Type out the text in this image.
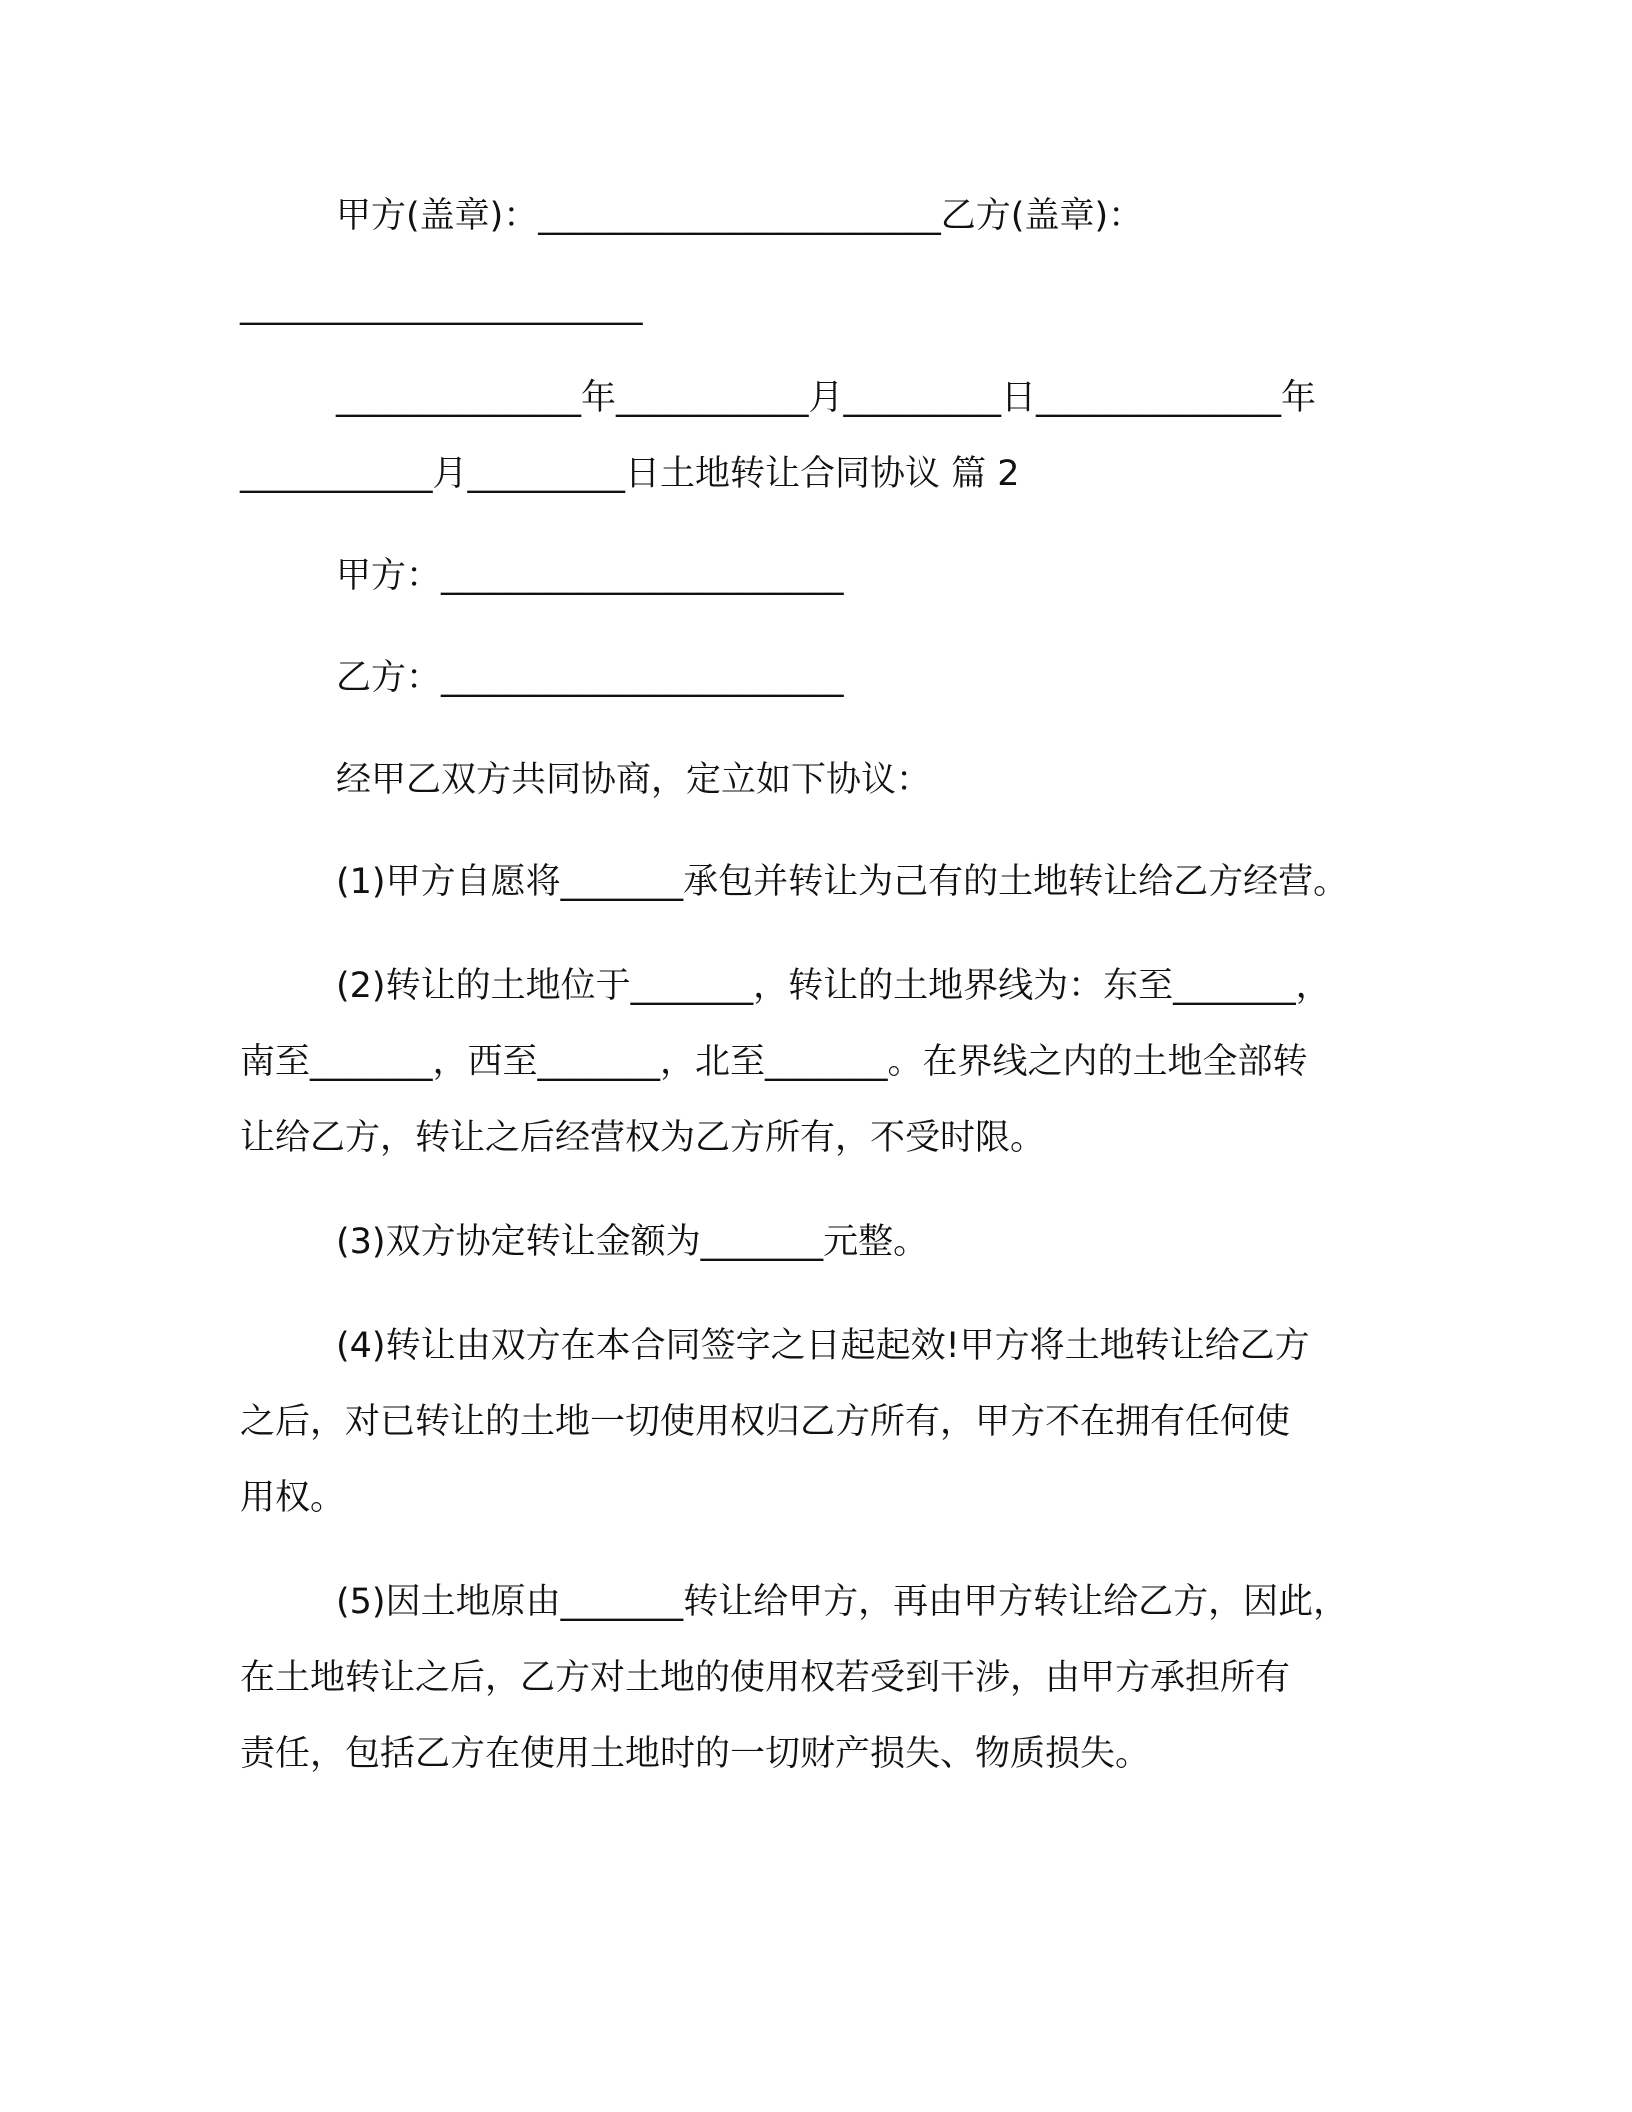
甲方(盖章)：_______________________乙方(盖章)：
_______________________
______________年___________月_________日______________年
___________月_________日土地转让合同协议 篇 2
甲方：_______________________
乙方：_______________________
经甲乙双方共同协商，定立如下协议：
(1)甲方自愿将_______承包并转让为己有的土地转让给乙方经营。
(2)转让的土地位于_______，转让的土地界线为：东至_______，
南至_______，西至_______，北至_______。在界线之内的土地全部转
让给乙方，转让之后经营权为乙方所有，不受时限。
(3)双方协定转让金额为_______元整。
(4)转让由双方在本合同签字之日起起效!甲方将土地转让给乙方
之后，对已转让的土地一切使用权归乙方所有，甲方不在拥有任何使
用权。
(5)因土地原由_______转让给甲方，再由甲方转让给乙方，因此，
在土地转让之后，乙方对土地的使用权若受到干涉，由甲方承担所有
责任，包括乙方在使用土地时的一切财产损失、物质损失。
